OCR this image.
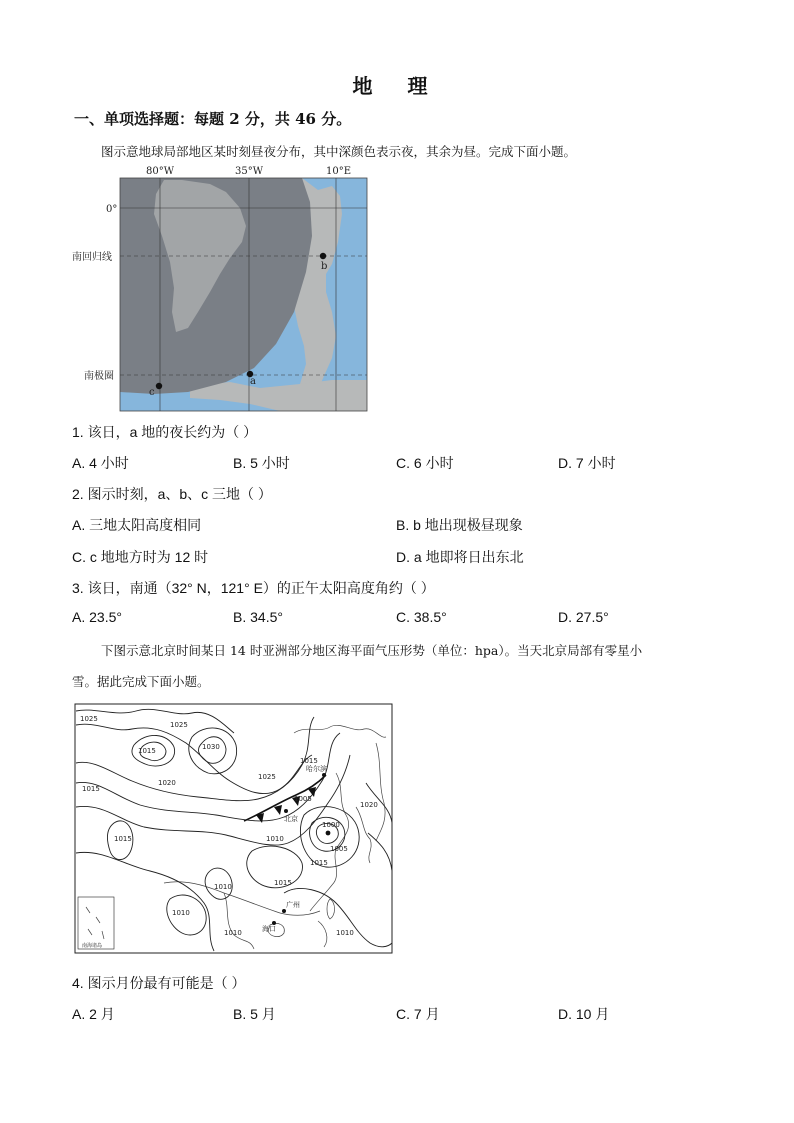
地 理
一、单项选择题：每题 2 分，共 46 分。
图示意地球局部地区某时刻昼夜分布，其中深颜色表示夜，其余为昼。完成下面小题。
80°W	35°W	10°E
0°
南回归线
南极圈	a
b
c
1. 该日，a 地的夜长约为（ ）
A. 4 小时	B. 5 小时	C. 6 小时	D. 7 小时
2. 图示时刻，a、b、c 三地（ ）
A. 三地太阳高度相同	B. b 地出现极昼现象
C. c 地地方时为 12 时	D. a 地即将日出东北
3. 该日，南通（32° N，121° E）的正午太阳高度角约（ ）
A. 23.5°	B. 34.5°	C. 38.5°	D. 27.5°
下图示意北京时间某日 14 时亚洲部分地区海平面气压形势（单位：hpa）。当天北京局部有零星小
雪。据此完成下面小题。
北京
广州
海口
哈尔滨
1025
1025
1030
1015
1020
1015
1025
1015
1015
1005
1010
1000
1005
1020
1015
1010
1015
1010
1010	1010
南海诸岛
4. 图示月份最有可能是（ ）
A. 2 月	B. 5 月	C. 7 月	D. 10 月
